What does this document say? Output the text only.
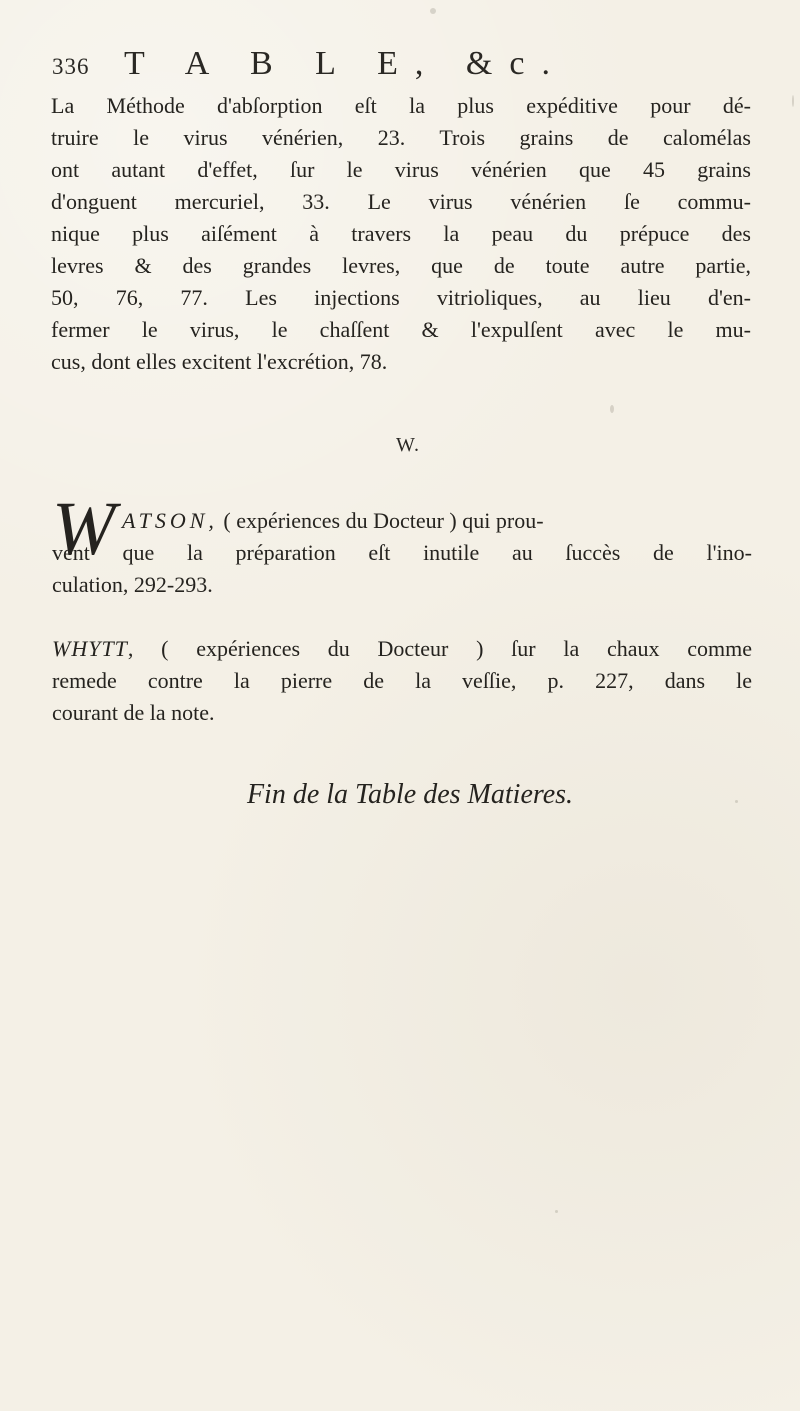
336	T A B L E, &c.
La Méthode d'abſorption eſt la plus expéditive pour dé-
truire le virus vénérien, 23. Trois grains de calomélas
ont autant d'effet, ſur le virus vénérien que 45 grains
d'onguent mercuriel, 33. Le virus vénérien ſe commu-
nique plus aiſément à travers la peau du prépuce des
levres & des grandes levres, que de toute autre partie,
50, 76, 77. Les injections vitrioliques, au lieu d'en-
fermer le virus, le chaſſent & l'expulſent avec le mu-
cus, dont elles excitent l'excrétion, 78.
W.
W ATSON, ( expériences du Docteur ) qui prou-
vent que la préparation eſt inutile au ſuccès de l'ino-
culation, 292-293.
WHYTT, ( expériences du Docteur ) ſur la chaux comme
remede contre la pierre de la veſſie, p. 227, dans le
courant de la note.
Fin de la Table des Matieres.
